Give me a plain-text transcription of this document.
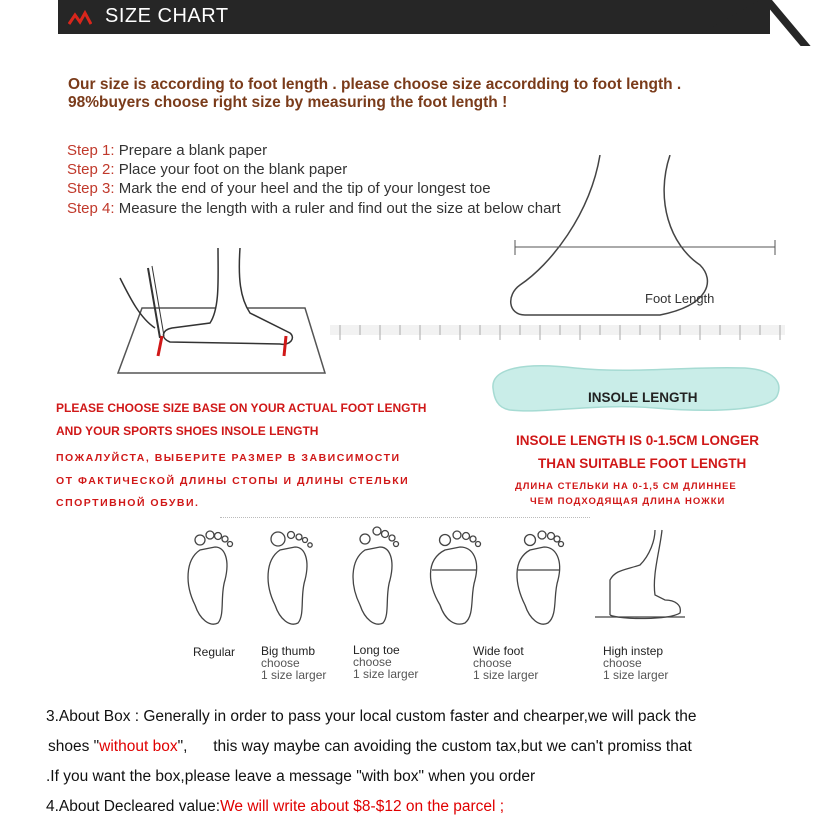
SIZE CHART
Our size is according to foot length . please choose size accordding to foot length .
98%buyers choose right size by measuring the foot length !
Step 1: Prepare a blank paper
Step 2: Place your foot on the blank paper
Step 3: Mark the end of your heel and the tip of your longest toe
Step 4: Measure the length with a ruler and find out the size at below chart
Foot Length
INSOLE LENGTH
PLEASE CHOOSE SIZE BASE ON YOUR ACTUAL FOOT LENGTH
AND YOUR SPORTS SHOES INSOLE LENGTH
ПОЖАЛУЙСТА, ВЫБЕРИТЕ РАЗМЕР В ЗАВИСИМОСТИ
ОТ ФАКТИЧЕСКОЙ ДЛИНЫ СТОПЫ И ДЛИНЫ СТЕЛЬКИ
СПОРТИВНОЙ ОБУВИ.
INSOLE LENGTH IS 0-1.5CM LONGER
THAN SUITABLE FOOT LENGTH
ДЛИНА СТЕЛЬКИ НА 0-1,5 СМ ДЛИННЕЕ
ЧЕМ ПОДХОДЯЩАЯ ДЛИНА НОЖКИ
Regular Big thumb
choose
1 size larger
Long toe
choose
1 size larger
Wide foot
choose
1 size larger
High instep
choose
1 size larger
3.About Box : Generally in order to pass your local custom faster and chearper,we will pack the
shoes "without box",      this way maybe can avoiding the custom tax,but we can't promiss that
.If you want the box,please leave a message "with box" when you order
4.About Decleared value:We will write about $8-$12 on the parcel ;
